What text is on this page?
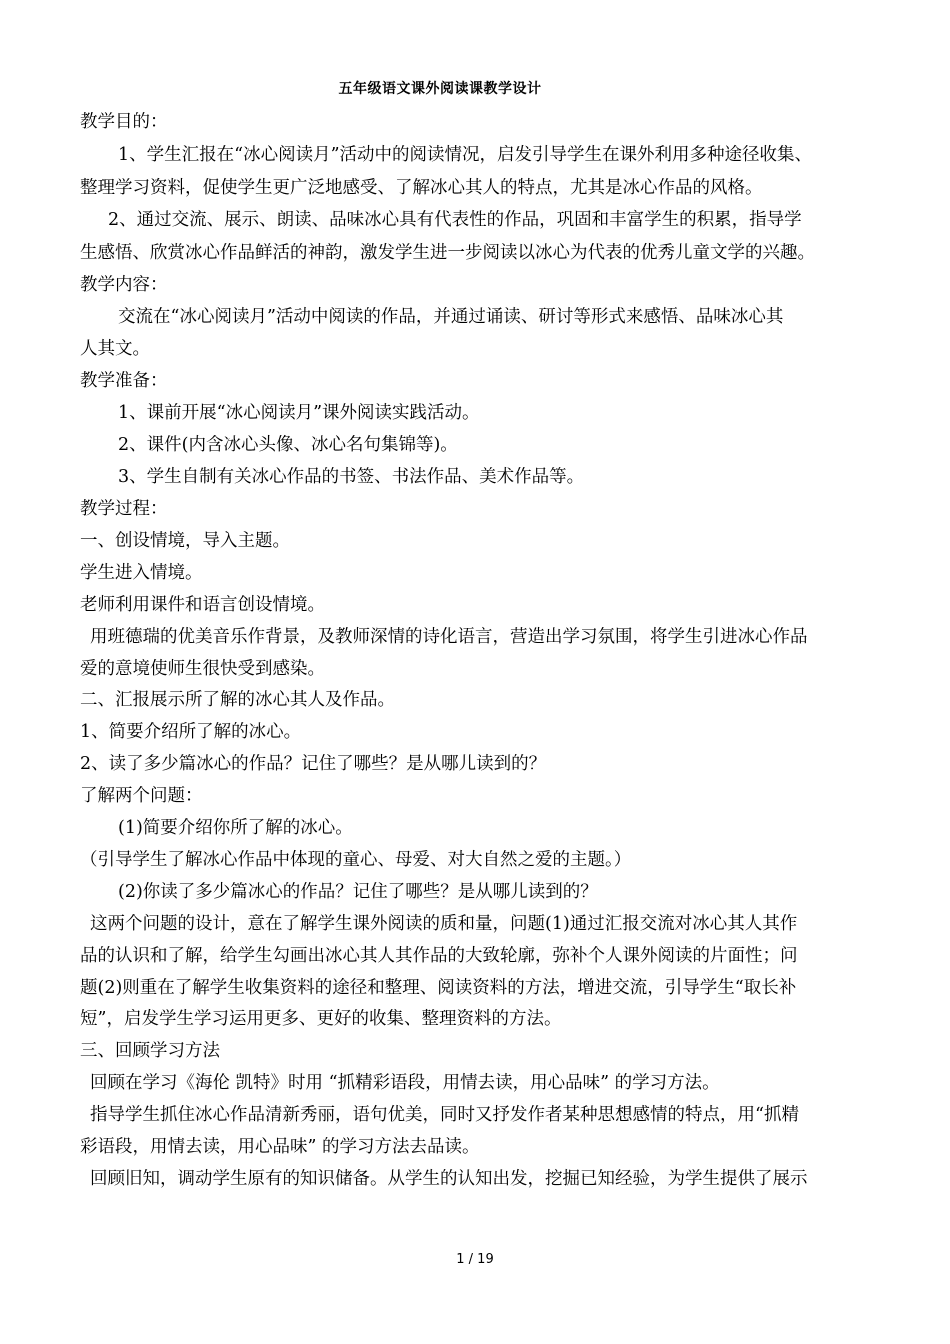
五年级语文课外阅读课教学设计
教学目的：
1、学生汇报在“冰心阅读月”活动中的阅读情况，启发引导学生在课外利用多种途径收集、
整理学习资料，促使学生更广泛地感受、了解冰心其人的特点，尤其是冰心作品的风格。
2、通过交流、展示、朗读、品味冰心具有代表性的作品，巩固和丰富学生的积累，指导学
生感悟、欣赏冰心作品鲜活的神韵，激发学生进一步阅读以冰心为代表的优秀儿童文学的兴趣。
教学内容：
交流在“冰心阅读月”活动中阅读的作品，并通过诵读、研讨等形式来感悟、品味冰心其
人其文。
教学准备：
1、课前开展“冰心阅读月”课外阅读实践活动。
2、课件(内含冰心头像、冰心名句集锦等)。
3、学生自制有关冰心作品的书签、书法作品、美术作品等。
教学过程：
一、创设情境，导入主题。
学生进入情境。
老师利用课件和语言创设情境。
用班德瑞的优美音乐作背景，及教师深情的诗化语言，营造出学习氛围，将学生引进冰心作品
爱的意境使师生很快受到感染。
二、汇报展示所了解的冰心其人及作品。
1、简要介绍所了解的冰心。
2、读了多少篇冰心的作品？记住了哪些？是从哪儿读到的？
了解两个问题：
(1)简要介绍你所了解的冰心。
（引导学生了解冰心作品中体现的童心、母爱、对大自然之爱的主题。）
(2)你读了多少篇冰心的作品？记住了哪些？是从哪儿读到的？
这两个问题的设计，意在了解学生课外阅读的质和量，问题(1)通过汇报交流对冰心其人其作
品的认识和了解，给学生勾画出冰心其人其作品的大致轮廓，弥补个人课外阅读的片面性；问
题(2)则重在了解学生收集资料的途径和整理、阅读资料的方法，增进交流，引导学生“取长补
短”，启发学生学习运用更多、更好的收集、整理资料的方法。
三、回顾学习方法
回顾在学习《海伦 凯特》时用 “抓精彩语段，用情去读，用心品味” 的学习方法。
指导学生抓住冰心作品清新秀丽，语句优美，同时又抒发作者某种思想感情的特点，用“抓精
彩语段，用情去读，用心品味” 的学习方法去品读。
回顾旧知，调动学生原有的知识储备。从学生的认知出发，挖掘已知经验，为学生提供了展示
1 / 19
